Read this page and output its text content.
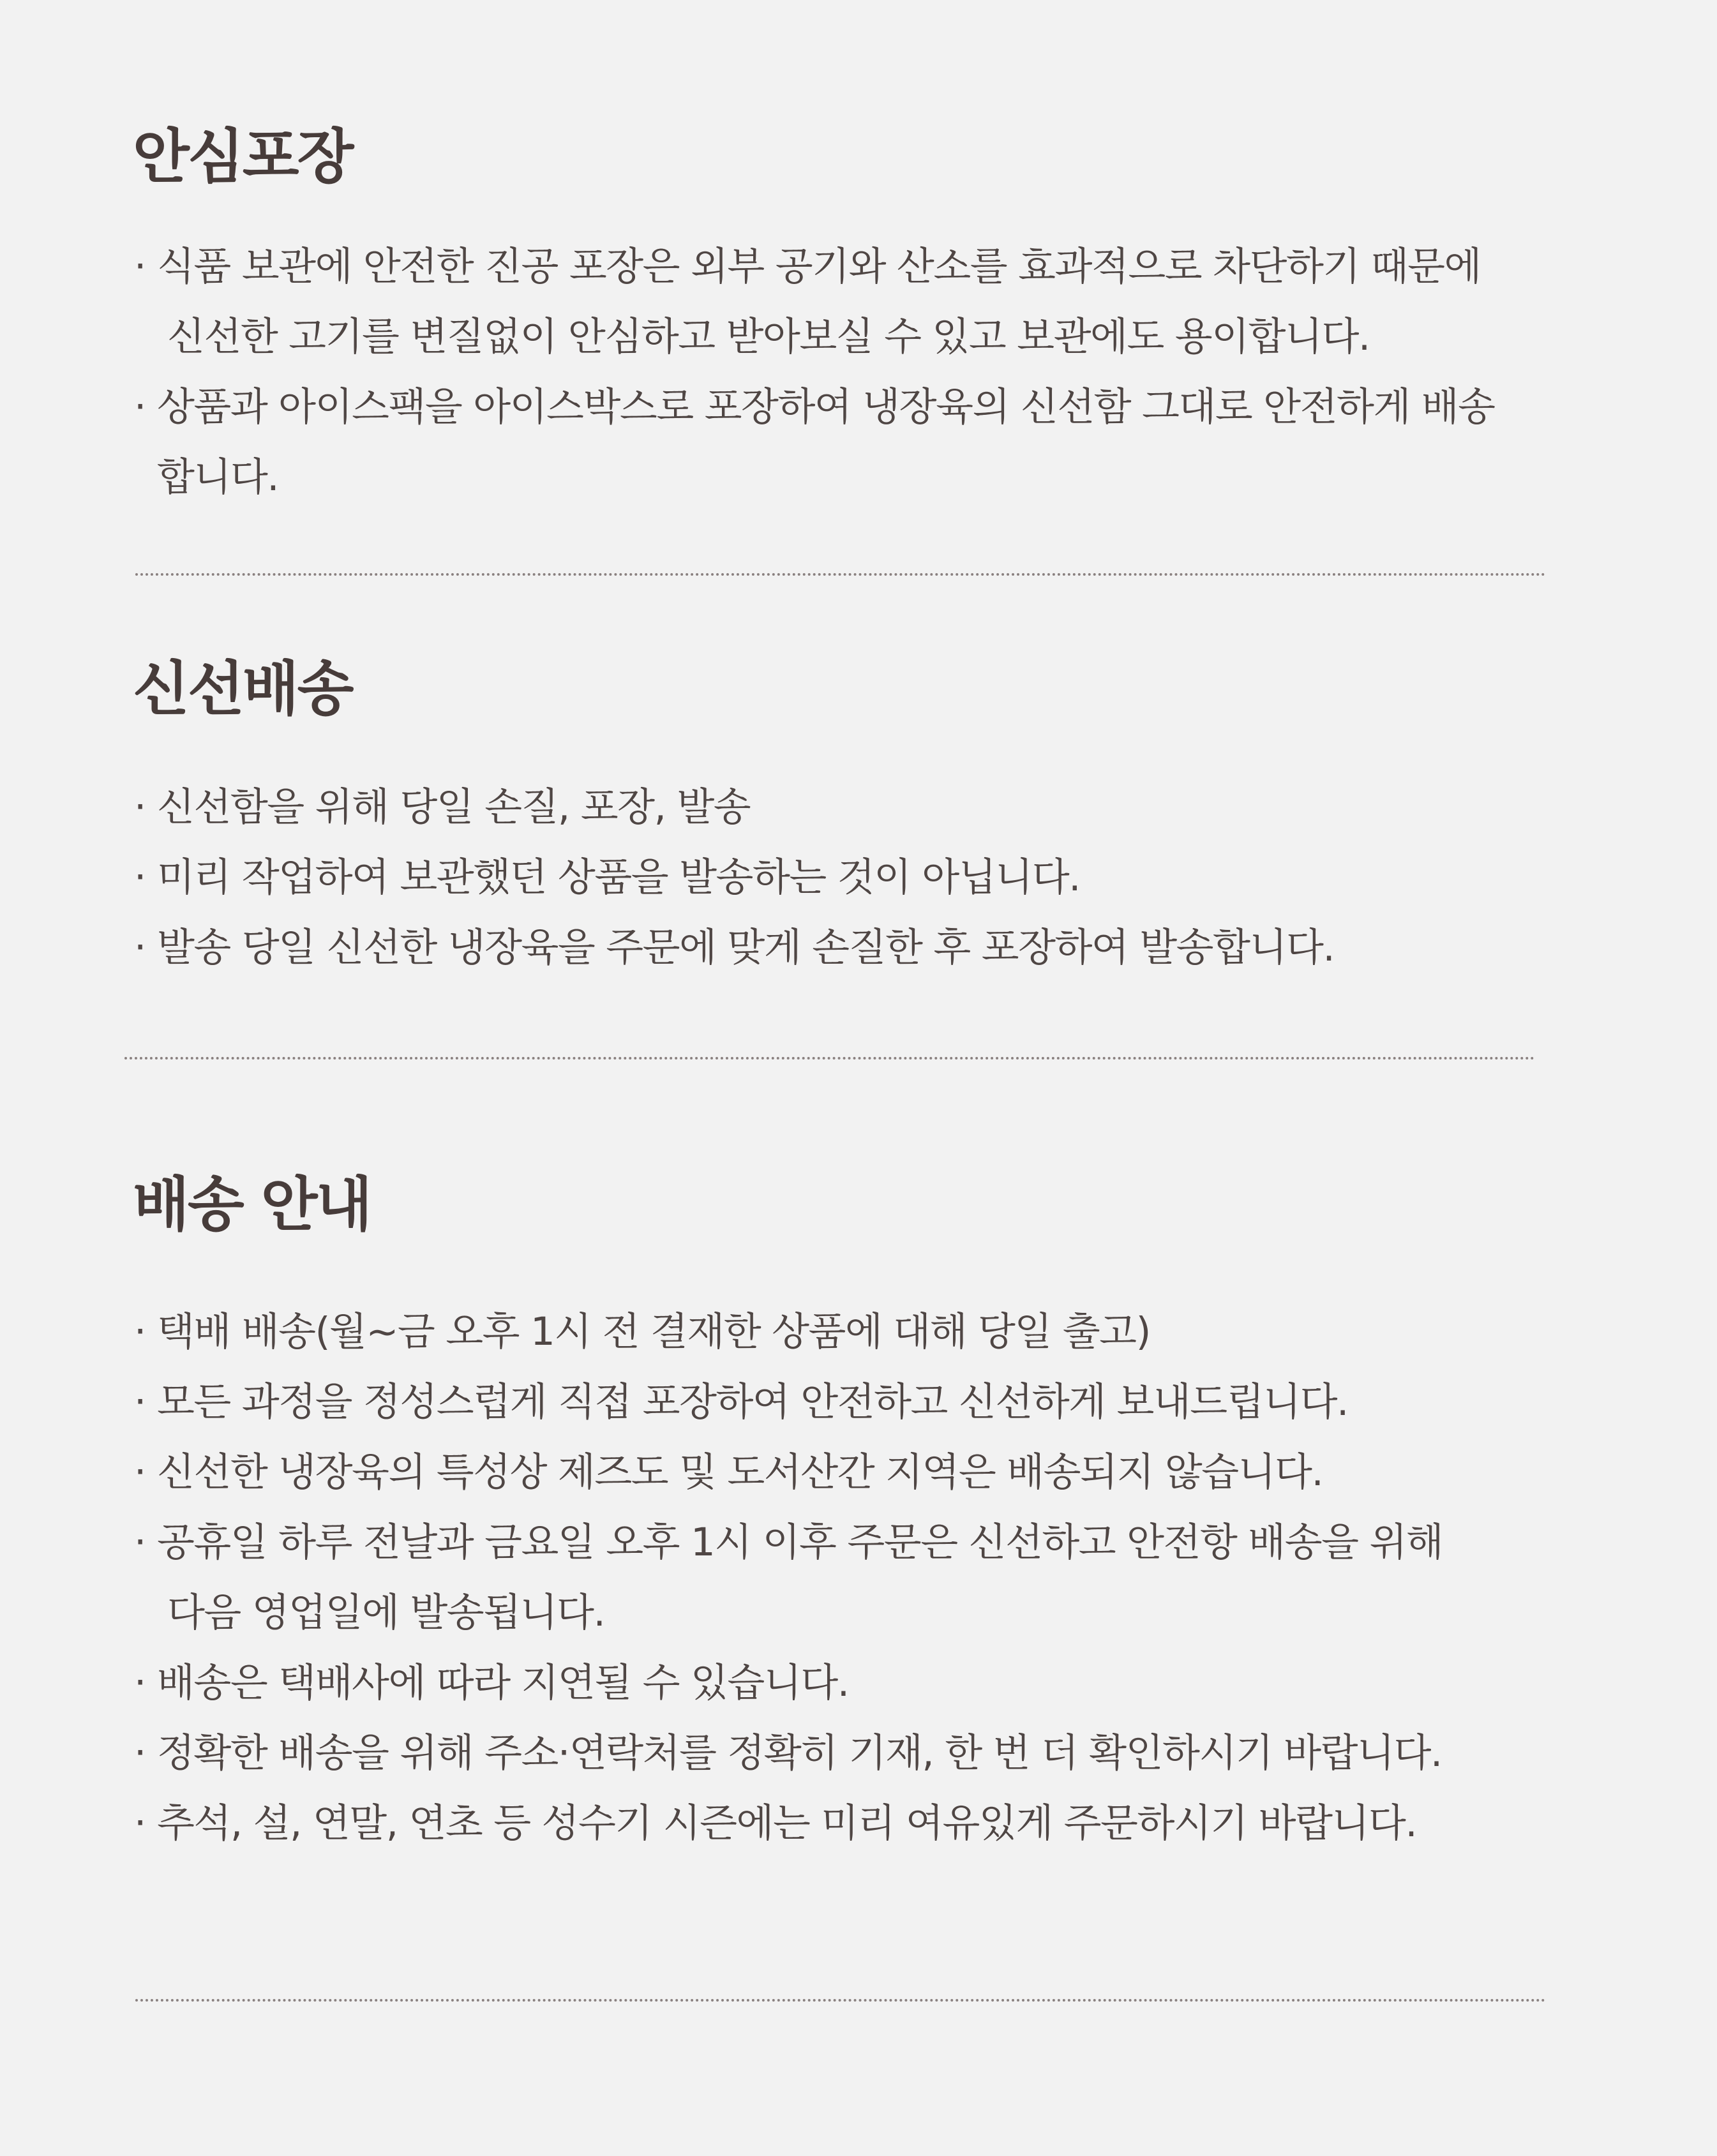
안심포장
· 식품 보관에 안전한 진공 포장은 외부 공기와 산소를 효과적으로 차단하기 때문에
신선한 고기를 변질없이 안심하고 받아보실 수 있고 보관에도 용이합니다.
· 상품과 아이스팩을 아이스박스로 포장하여 냉장육의 신선함 그대로 안전하게 배송
합니다.
신선배송
· 신선함을 위해 당일 손질, 포장, 발송
· 미리 작업하여 보관했던 상품을 발송하는 것이 아닙니다.
· 발송 당일 신선한 냉장육을 주문에 맞게 손질한 후 포장하여 발송합니다.
배송 안내
· 택배 배송(월~금 오후 1시 전 결재한 상품에 대해 당일 출고)
· 모든 과정을 정성스럽게 직접 포장하여 안전하고 신선하게 보내드립니다.
· 신선한 냉장육의 특성상 제즈도 및 도서산간 지역은 배송되지 않습니다.
· 공휴일 하루 전날과 금요일 오후 1시 이후 주문은 신선하고 안전항 배송을 위해
다음 영업일에 발송됩니다.
· 배송은 택배사에 따라 지연될 수 있습니다.
· 정확한 배송을 위해 주소·연락처를 정확히 기재, 한 번 더 확인하시기 바랍니다.
· 추석, 설, 연말, 연초 등 성수기 시즌에는 미리 여유있게 주문하시기 바랍니다.
